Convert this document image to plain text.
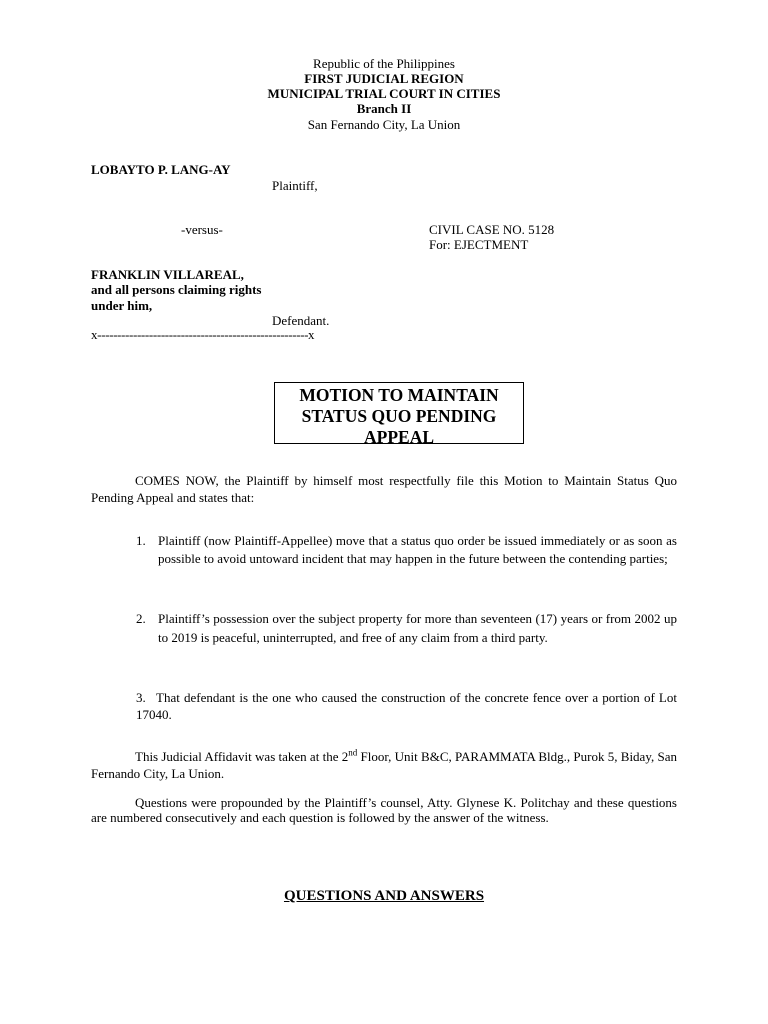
Republic of the Philippines
FIRST JUDICIAL REGION
MUNICIPAL TRIAL COURT IN CITIES
Branch II
San Fernando City, La Union
LOBAYTO P. LANG-AY
Plaintiff,
-versus-	CIVIL CASE NO. 5128
For: EJECTMENT
FRANKLIN VILLAREAL,
and all persons claiming rights
under him,
Defendant.
x-----------------------------------------------------x
MOTION TO MAINTAIN
STATUS QUO PENDING
APPEAL
COMES NOW, the Plaintiff by himself most respectfully file this Motion to Maintain Status Quo Pending Appeal and states that:
1. Plaintiff (now Plaintiff-Appellee) move that a status quo order be issued immediately or as soon as possible to avoid untoward incident that may happen in the future between the contending parties;
2. Plaintiff’s possession over the subject property for more than seventeen (17) years or from 2002 up to 2019 is peaceful, uninterrupted, and free of any claim from a third party.
3. That defendant is the one who caused the construction of the concrete fence over a portion of Lot 17040.
This Judicial Affidavit was taken at the 2nd Floor, Unit B&C, PARAMMATA Bldg., Purok 5, Biday, San Fernando City, La Union.
Questions were propounded by the Plaintiff’s counsel, Atty. Glynese K. Politchay and these questions are numbered consecutively and each question is followed by the answer of the witness.
QUESTIONS AND ANSWERS
